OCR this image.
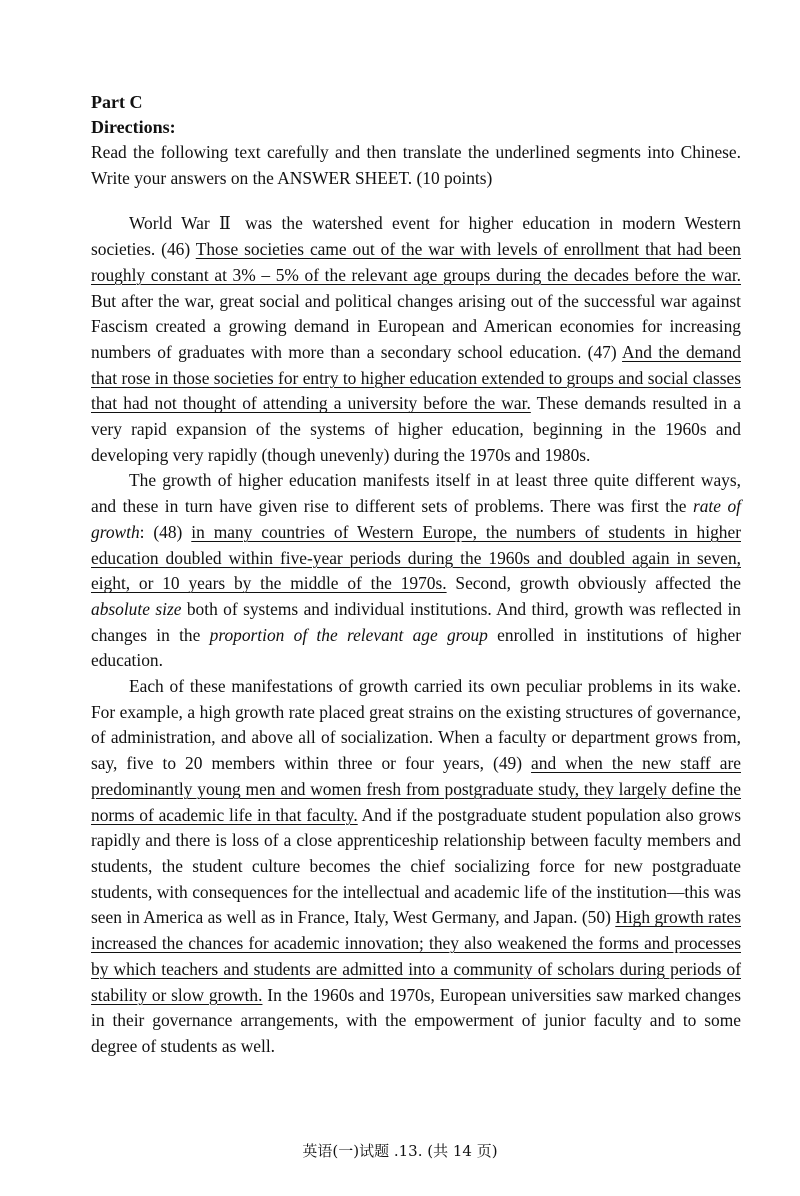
Part C

Directions:

Read the following text carefully and then translate the underlined segments into Chinese. Write your answers on the ANSWER SHEET. (10 points)

World War Ⅱ was the watershed event for higher education in modern Western societies. (46) Those societies came out of the war with levels of enrollment that had been roughly constant at 3% – 5% of the relevant age groups during the decades before the war. But after the war, great social and political changes arising out of the successful war against Fascism created a growing demand in European and American economies for increasing numbers of graduates with more than a secondary school education. (47) And the demand that rose in those societies for entry to higher education extended to groups and social classes that had not thought of attending a university before the war. These demands resulted in a very rapid expansion of the systems of higher education, beginning in the 1960s and developing very rapidly (though unevenly) during the 1970s and 1980s.

The growth of higher education manifests itself in at least three quite different ways, and these in turn have given rise to different sets of problems. There was first the rate of growth: (48) in many countries of Western Europe, the numbers of students in higher education doubled within five-year periods during the 1960s and doubled again in seven, eight, or 10 years by the middle of the 1970s. Second, growth obviously affected the absolute size both of systems and individual institutions. And third, growth was reflected in changes in the proportion of the relevant age group enrolled in institutions of higher education.

Each of these manifestations of growth carried its own peculiar problems in its wake. For example, a high growth rate placed great strains on the existing structures of governance, of administration, and above all of socialization. When a faculty or department grows from, say, five to 20 members within three or four years, (49) and when the new staff are predominantly young men and women fresh from postgraduate study, they largely define the norms of academic life in that faculty. And if the postgraduate student population also grows rapidly and there is loss of a close apprenticeship relationship between faculty members and students, the student culture becomes the chief socializing force for new postgraduate students, with consequences for the intellectual and academic life of the institution—this was seen in America as well as in France, Italy, West Germany, and Japan. (50) High growth rates increased the chances for academic innovation; they also weakened the forms and processes by which teachers and students are admitted into a community of scholars during periods of stability or slow growth. In the 1960s and 1970s, European universities saw marked changes in their governance arrangements, with the empowerment of junior faculty and to some degree of students as well.

英语(一)试题 .13. (共 14 页)
